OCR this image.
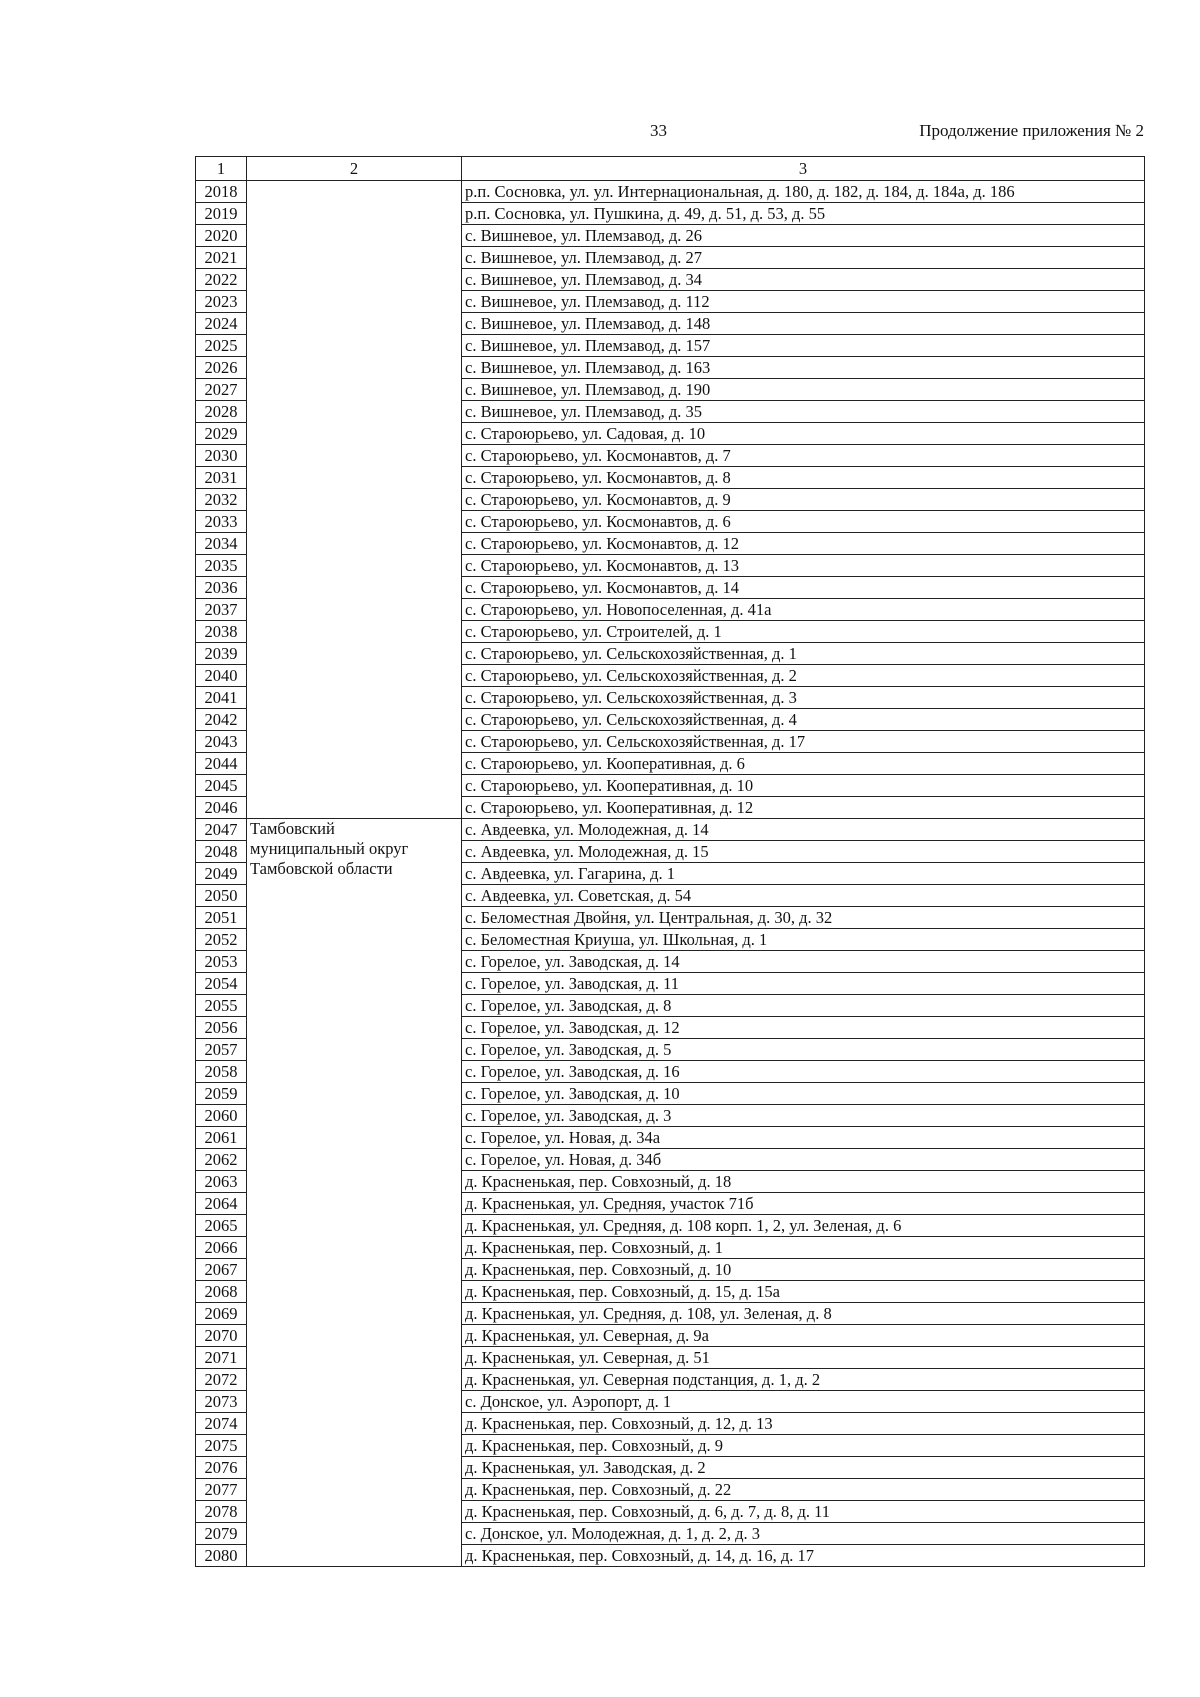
33	Продолжение приложения № 2
1	2	3
2018		р.п. Сосновка, ул. ул. Интернациональная, д. 180, д. 182, д. 184, д. 184а, д. 186
2019		р.п. Сосновка, ул. Пушкина, д. 49, д. 51, д. 53, д. 55
2020		с. Вишневое, ул. Племзавод, д. 26
2021		с. Вишневое, ул. Племзавод, д. 27
2022		с. Вишневое, ул. Племзавод, д. 34
2023		с. Вишневое, ул. Племзавод, д. 112
2024		с. Вишневое, ул. Племзавод, д. 148
2025		с. Вишневое, ул. Племзавод, д. 157
2026		с. Вишневое, ул. Племзавод, д. 163
2027		с. Вишневое, ул. Племзавод, д. 190
2028		с. Вишневое, ул. Племзавод, д. 35
2029		с. Староюрьево, ул. Садовая, д. 10
2030		с. Староюрьево, ул. Космонавтов, д. 7
2031		с. Староюрьево, ул. Космонавтов, д. 8
2032		с. Староюрьево, ул. Космонавтов, д. 9
2033		с. Староюрьево, ул. Космонавтов, д. 6
2034		с. Староюрьево, ул. Космонавтов, д. 12
2035		с. Староюрьево, ул. Космонавтов, д. 13
2036		с. Староюрьево, ул. Космонавтов, д. 14
2037		с. Староюрьево, ул. Новопоселенная, д. 41а
2038		с. Староюрьево, ул. Строителей, д. 1
2039		с. Староюрьево, ул. Сельскохозяйственная, д. 1
2040		с. Староюрьево, ул. Сельскохозяйственная, д. 2
2041		с. Староюрьево, ул. Сельскохозяйственная, д. 3
2042		с. Староюрьево, ул. Сельскохозяйственная, д. 4
2043		с. Староюрьево, ул. Сельскохозяйственная, д. 17
2044		с. Староюрьево, ул. Кооперативная, д. 6
2045		с. Староюрьево, ул. Кооперативная, д. 10
2046		с. Староюрьево, ул. Кооперативная, д. 12
2047	Тамбовский
муниципальный округ
Тамбовской области	с. Авдеевка, ул. Молодежная, д. 14
2048		с. Авдеевка, ул. Молодежная, д. 15
2049		с. Авдеевка, ул. Гагарина, д. 1
2050		с. Авдеевка, ул. Советская, д. 54
2051		с. Беломестная Двойня, ул. Центральная, д. 30, д. 32
2052		с. Беломестная Криуша, ул. Школьная, д. 1
2053		с. Горелое, ул. Заводская, д. 14
2054		с. Горелое, ул. Заводская, д. 11
2055		с. Горелое, ул. Заводская, д. 8
2056		с. Горелое, ул. Заводская, д. 12
2057		с. Горелое, ул. Заводская, д. 5
2058		с. Горелое, ул. Заводская, д. 16
2059		с. Горелое, ул. Заводская, д. 10
2060		с. Горелое, ул. Заводская, д. 3
2061		с. Горелое, ул. Новая, д. 34а
2062		с. Горелое, ул. Новая, д. 34б
2063		д. Красненькая, пер. Совхозный, д. 18
2064		д. Красненькая, ул. Средняя, участок 71б
2065		д. Красненькая, ул. Средняя, д. 108 корп. 1, 2, ул. Зеленая, д. 6
2066		д. Красненькая, пер. Совхозный, д. 1
2067		д. Красненькая, пер. Совхозный, д. 10
2068		д. Красненькая, пер. Совхозный, д. 15, д. 15а
2069		д. Красненькая, ул. Средняя, д. 108, ул. Зеленая, д. 8
2070		д. Красненькая, ул. Северная, д. 9а
2071		д. Красненькая, ул. Северная, д. 51
2072		д. Красненькая, ул. Северная подстанция, д. 1, д. 2
2073		с. Донское, ул. Аэропорт, д. 1
2074		д. Красненькая, пер. Совхозный, д. 12, д. 13
2075		д. Красненькая, пер. Совхозный, д. 9
2076		д. Красненькая, ул. Заводская, д. 2
2077		д. Красненькая, пер. Совхозный, д. 22
2078		д. Красненькая, пер. Совхозный, д. 6, д. 7, д. 8, д. 11
2079		с. Донское, ул. Молодежная, д. 1, д. 2, д. 3
2080		д. Красненькая, пер. Совхозный, д. 14, д. 16, д. 17
